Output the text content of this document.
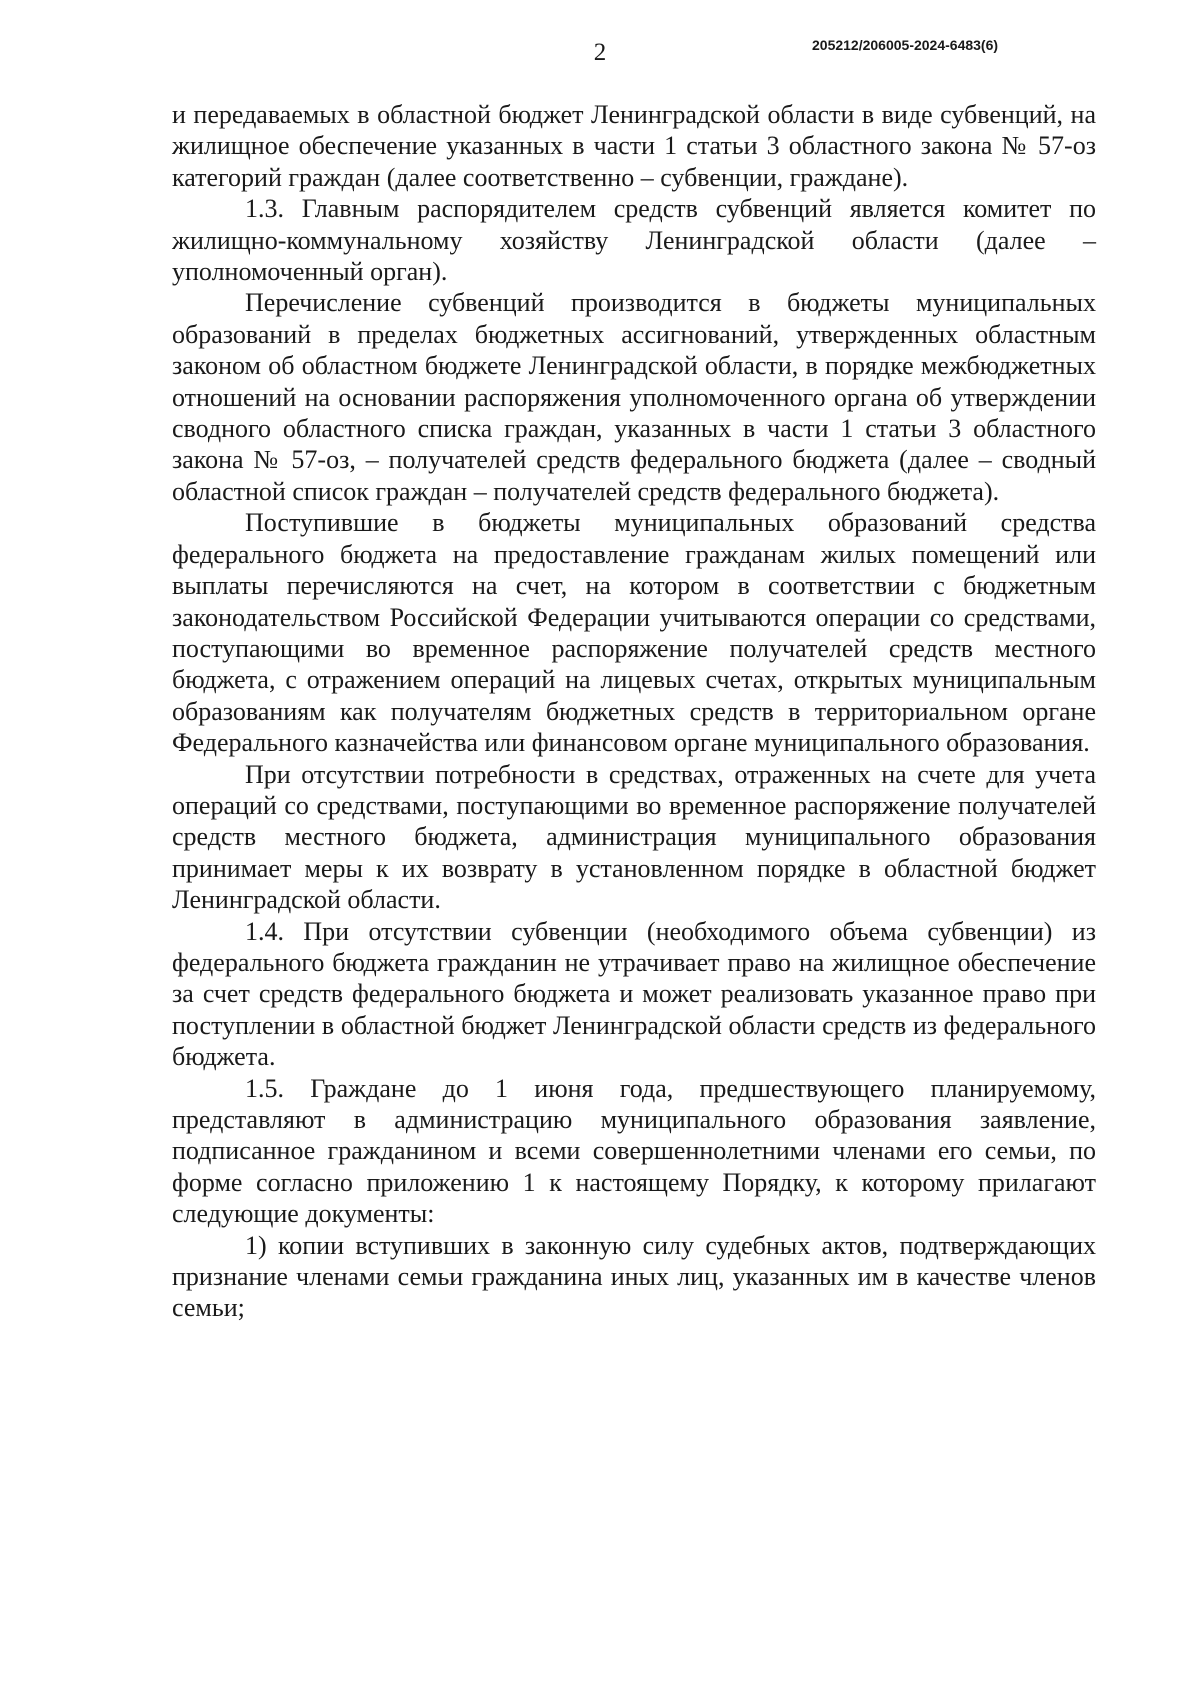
2	205212/206005-2024-6483(6)

и передаваемых в областной бюджет Ленинградской области в виде субвенций, на жилищное обеспечение указанных в части 1 статьи 3 областного закона № 57-оз категорий граждан (далее соответственно – субвенции, граждане).

1.3. Главным распорядителем средств субвенций является комитет по жилищно-коммунальному хозяйству Ленинградской области (далее – уполномоченный орган).

Перечисление субвенций производится в бюджеты муниципальных образований в пределах бюджетных ассигнований, утвержденных областным законом об областном бюджете Ленинградской области, в порядке межбюджетных отношений на основании распоряжения уполномоченного органа об утверждении сводного областного списка граждан, указанных в части 1 статьи 3 областного закона № 57-оз, – получателей средств федерального бюджета (далее – сводный областной список граждан – получателей средств федерального бюджета).

Поступившие в бюджеты муниципальных образований средства федерального бюджета на предоставление гражданам жилых помещений или выплаты перечисляются на счет, на котором в соответствии с бюджетным законодательством Российской Федерации учитываются операции со средствами, поступающими во временное распоряжение получателей средств местного бюджета, с отражением операций на лицевых счетах, открытых муниципальным образованиям как получателям бюджетных средств в территориальном органе Федерального казначейства или финансовом органе муниципального образования.

При отсутствии потребности в средствах, отраженных на счете для учета операций со средствами, поступающими во временное распоряжение получателей средств местного бюджета, администрация муниципального образования принимает меры к их возврату в установленном порядке в областной бюджет Ленинградской области.

1.4. При отсутствии субвенции (необходимого объема субвенции) из федерального бюджета гражданин не утрачивает право на жилищное обеспечение за счет средств федерального бюджета и может реализовать указанное право при поступлении в областной бюджет Ленинградской области средств из федерального бюджета.

1.5. Граждане до 1 июня года, предшествующего планируемому, представляют в администрацию муниципального образования заявление, подписанное гражданином и всеми совершеннолетними членами его семьи, по форме согласно приложению 1 к настоящему Порядку, к которому прилагают следующие документы:

1) копии вступивших в законную силу судебных актов, подтверждающих признание членами семьи гражданина иных лиц, указанных им в качестве членов семьи;
